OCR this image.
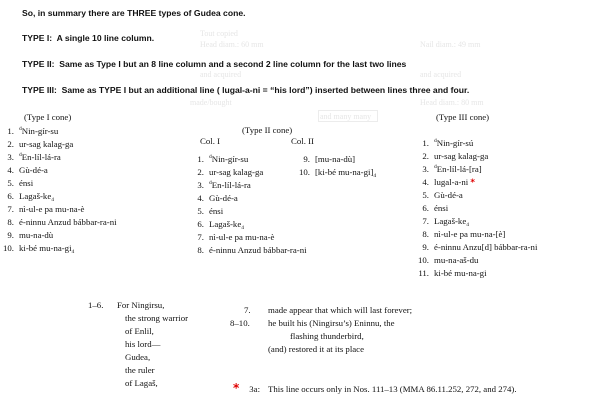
Tout copied
Head diam.: 60 mm	Nail diam.: 49 mm
and acquired	and acquired
and many many
made/bought	Head diam.: 80 mm
So, in summary there are THREE types of Gudea cone.
TYPE I: A single 10 line column.
TYPE II: Same as Type I but an 8 line column and a second 2 line column for the last two lines
TYPE III: Same as TYPE I but an additional line ( lugal-a-ni = “his lord”) inserted between lines three and four.
(Type I cone)
1. $^d$Nin-gír-su
2. ur-sag kalag-ga
3. $^d$En-líl-lá-ra
4. Gù-dé-a
5. énsi
6. Lagaš-$ke_4$
7. nì-ul-e pa mu-na-è
8. é-ninnu Anzud bábbar-ra-ni
9. mu-na-dù
10. ki-bé $mu-na-gi_4$
(Type II cone)
Col. I	Col. II
1. $^d$Nin-gír-su
2. ur-sag kalag-ga
3. $^d$En-líl-lá-ra
4. Gù-dé-a
5. énsi
6. Lagaš-$ke_4$
7. nì-ul-e pa mu-na-è
8. é-ninnu Anzud bábbar-ra-ni
9. [mu-na-dù]
10. [ki-bé $mu-na-gi]_4$
(Type III cone)
1. $^d$Nin-gír-sú
2. ur-sag kalag-ga
3. $^d$En-líl-lá-[ra]
4. lugal-a-ni *
5. Gù-dé-a
6. énsi
7. Lagaš-$ke_4$
8. nì-ul-e pa mu-na-[è]
9. é-ninnu Anzu[d] bábbar-ra-ni
10. mu-na-aš-du
11. ki-bé mu-na-gi
1–6. For Ningirsu,
the strong warrior
of Enlil,
his lord—
Gudea,
the ruler
of Lagaš,
7. made appear that which will last forever;
8–10. he built his (Ningirsu’s) Eninnu, the
flashing thunderbird,
(and) restored it at its place
* 3a: This line occurs only in Nos. 111–13 (MMA 86.11.252, 272, and 274).
